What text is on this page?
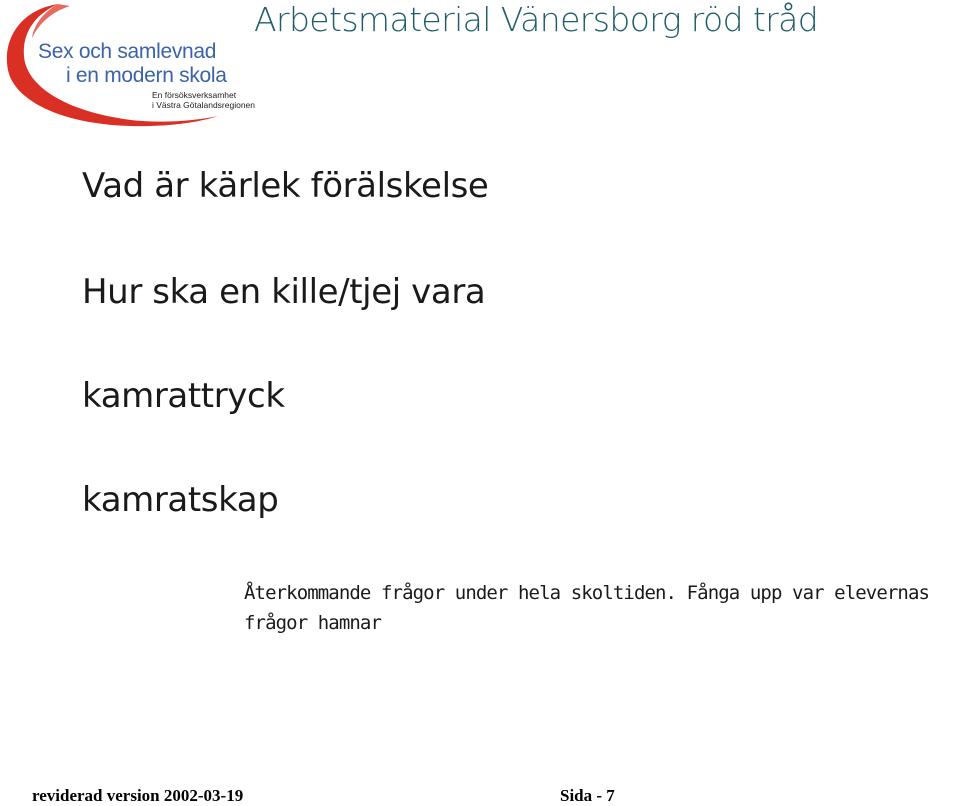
Sex och samlevnad
i en modern skola
En försöksverksamhet
i Västra Götalandsregionen
Arbetsmaterial Vänersborg röd tråd
Vad är kärlek förälskelse
Hur ska en kille/tjej vara
kamrattryck
kamratskap
Återkommande frågor under hela skoltiden. Fånga upp var elevernas frågor hamnar
reviderad version 2002-03-19	Sida - 7
